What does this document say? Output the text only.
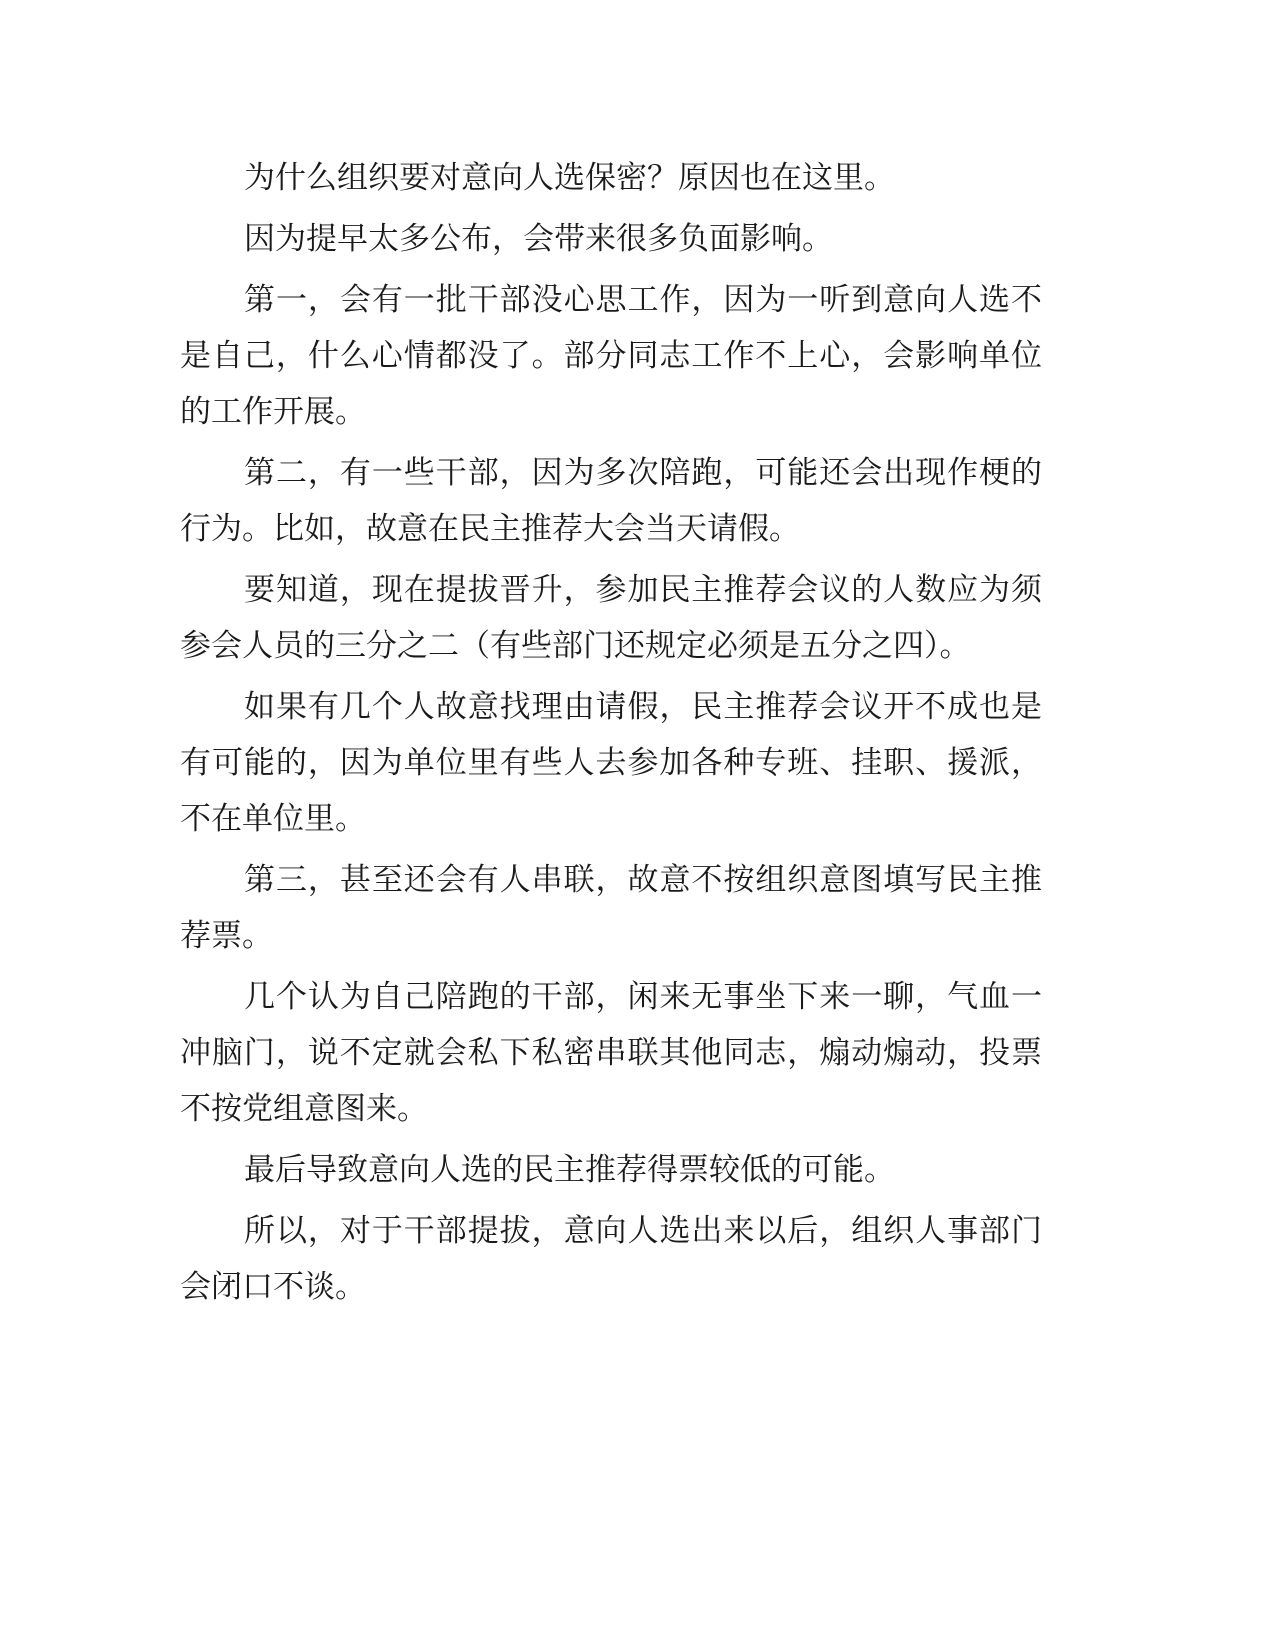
为什么组织要对意向人选保密？原因也在这里。

因为提早太多公布，会带来很多负面影响。

第一，会有一批干部没心思工作，因为一听到意向人选不是自己，什么心情都没了。部分同志工作不上心，会影响单位的工作开展。

第二，有一些干部，因为多次陪跑，可能还会出现作梗的行为。比如，故意在民主推荐大会当天请假。

要知道，现在提拔晋升，参加民主推荐会议的人数应为须参会人员的三分之二（有些部门还规定必须是五分之四）。

如果有几个人故意找理由请假，民主推荐会议开不成也是有可能的，因为单位里有些人去参加各种专班、挂职、援派，不在单位里。

第三，甚至还会有人串联，故意不按组织意图填写民主推荐票。

几个认为自己陪跑的干部，闲来无事坐下来一聊，气血一冲脑门，说不定就会私下私密串联其他同志，煽动煽动，投票不按党组意图来。

最后导致意向人选的民主推荐得票较低的可能。

所以，对于干部提拔，意向人选出来以后，组织人事部门会闭口不谈。
